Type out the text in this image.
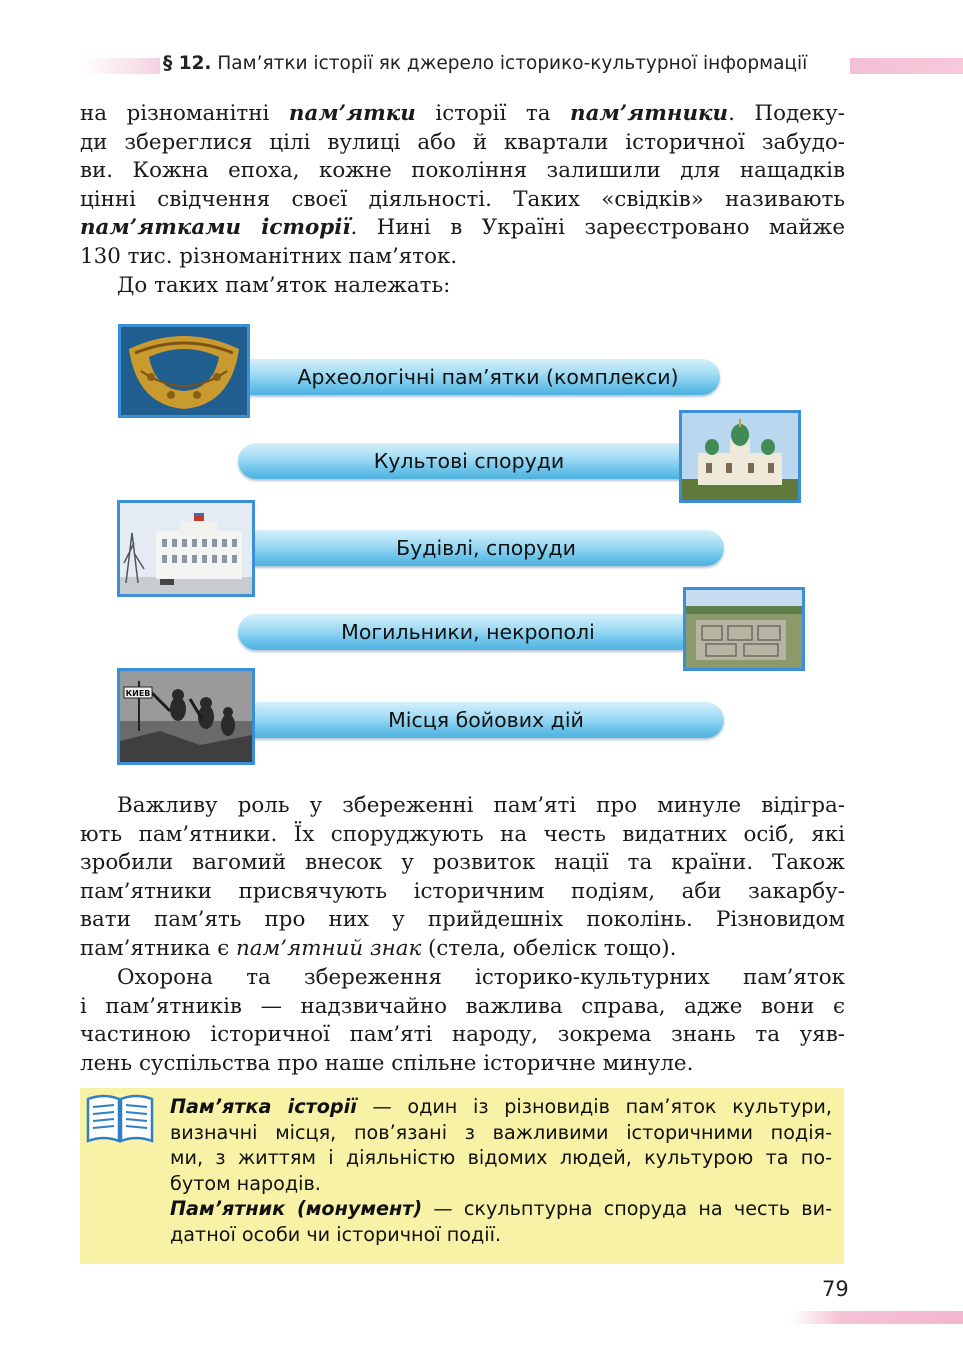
§ 12. Пам’ятки історії як джерело історико-культурної інформації
на різноманітні пам’ятки історії та пам’ятники. Подеку-
ди збереглися цілі вулиці або й квартали історичної забудо-
ви. Кожна епоха, кожне покоління залишили для нащадків
цінні свідчення своєї діяльності. Таких «свідків» називають
пам’ятками історії. Нині в Україні зареєстровано майже
130 тис. різноманітних пам’яток.
До таких пам’яток належать:
Археологічні пам’ятки (комплекси)
Культові споруди
Будівлі, споруди
Могильники, некрополі
Місця бойових дій
КИЕВ
Важливу роль у збереженні пам’яті про минуле відігра-
ють пам’ятники. Їх споруджують на честь видатних осіб, які
зробили вагомий внесок у розвиток нації та країни. Також
пам’ятники присвячують історичним подіям, аби закарбу-
вати пам’ять про них у прийдешніх поколінь. Різновидом
пам’ятника є пам’ятний знак (стела, обеліск тощо).
Охорона та збереження історико-культурних пам’яток
і пам’ятників — надзвичайно важлива справа, адже вони є
частиною історичної пам’яті народу, зокрема знань та уяв-
лень суспільства про наше спільне історичне минуле.
Пам’ятка історії — один із різновидів пам’яток культури,
визначні місця, пов’язані з важливими історичними подія-
ми, з життям і діяльністю відомих людей, культурою та по-
бутом народів.
Пам’ятник (монумент) — скульптурна споруда на честь ви-
датної особи чи історичної події.
79
